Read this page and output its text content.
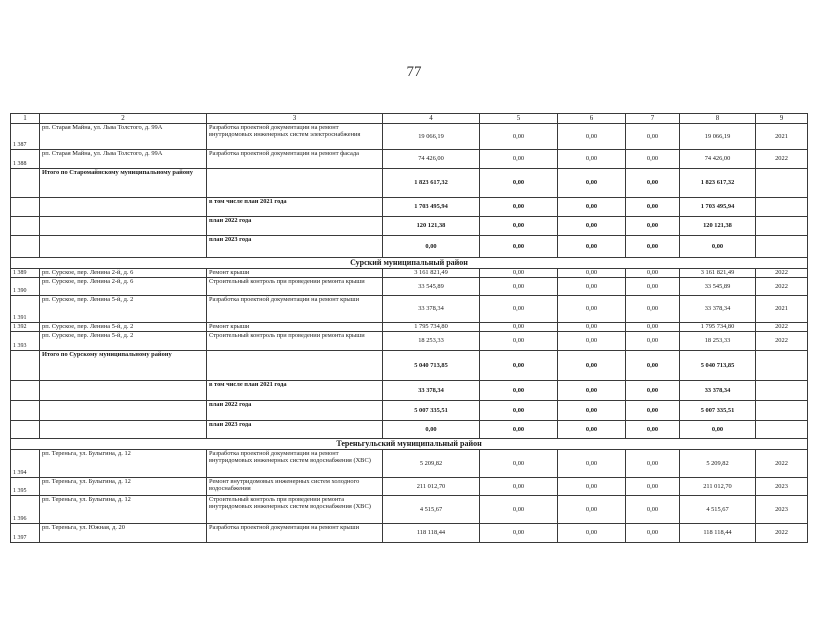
77
1	2	3	4	5	6	7	8	9
1 387	рп. Старая Майна, ул. Льва Толстого, д. 99А	Разработка проектной документации на ремонт внутридомовых инженерных систем электроснабжения	19 066,19	0,00	0,00	0,00	19 066,19	2021
1 388	рп. Старая Майна, ул. Льва Толстого, д. 99А	Разработка проектной документации на ремонт фасада	74 426,00	0,00	0,00	0,00	74 426,00	2022
	Итого по Старомайнскому муниципальному району		1 823 617,32	0,00	0,00	0,00	1 823 617,32	
		в том числе план 2021 года	1 703 495,94	0,00	0,00	0,00	1 703 495,94	
		план 2022 года	120 121,38	0,00	0,00	0,00	120 121,38	
		план 2023 года	0,00	0,00	0,00	0,00	0,00	
Сурский муниципальный район								
1 389	рп. Сурское, пер. Ленина 2-й, д. 6	Ремонт крыши	3 161 821,49	0,00	0,00	0,00	3 161 821,49	2022
1 390	рп. Сурское, пер. Ленина 2-й, д. 6	Строительный контроль при проведении ремонта крыши	33 545,89	0,00	0,00	0,00	33 545,89	2022
1 391	рп. Сурское, пер. Ленина 5-й, д. 2	Разработка проектной документации на ремонт крыши	33 378,34	0,00	0,00	0,00	33 378,34	2021
1 392	рп. Сурское, пер. Ленина 5-й, д. 2	Ремонт крыши	1 795 734,80	0,00	0,00	0,00	1 795 734,80	2022
1 393	рп. Сурское, пер. Ленина 5-й, д. 2	Строительный контроль при проведении ремонта крыши	18 253,33	0,00	0,00	0,00	18 253,33	2022
	Итого по Сурскому муниципальному району		5 040 713,85	0,00	0,00	0,00	5 040 713,85	
		в том числе план 2021 года	33 378,34	0,00	0,00	0,00	33 378,34	
		план 2022 года	5 007 335,51	0,00	0,00	0,00	5 007 335,51	
		план 2023 года	0,00	0,00	0,00	0,00	0,00	
Тереньгульский муниципальный район								
1 394	рп. Тереньга, ул. Булыгина, д. 12	Разработка проектной документации на ремонт внутридомовых инженерных систем водоснабжения (ХВС)	5 209,82	0,00	0,00	0,00	5 209,82	2022
1 395	рп. Тереньга, ул. Булыгина, д. 12	Ремонт внутридомовых инженерных систем холодного водоснабжения	211 012,70	0,00	0,00	0,00	211 012,70	2023
1 396	рп. Тереньга, ул. Булыгина, д. 12	Строительный контроль при проведении ремонта внутридомовых инженерных систем водоснабжения (ХВС)	4 515,67	0,00	0,00	0,00	4 515,67	2023
1 397	рп. Тереньга, ул. Южная, д. 20	Разработка проектной документации на ремонт крыши	118 118,44	0,00	0,00	0,00	118 118,44	2022
